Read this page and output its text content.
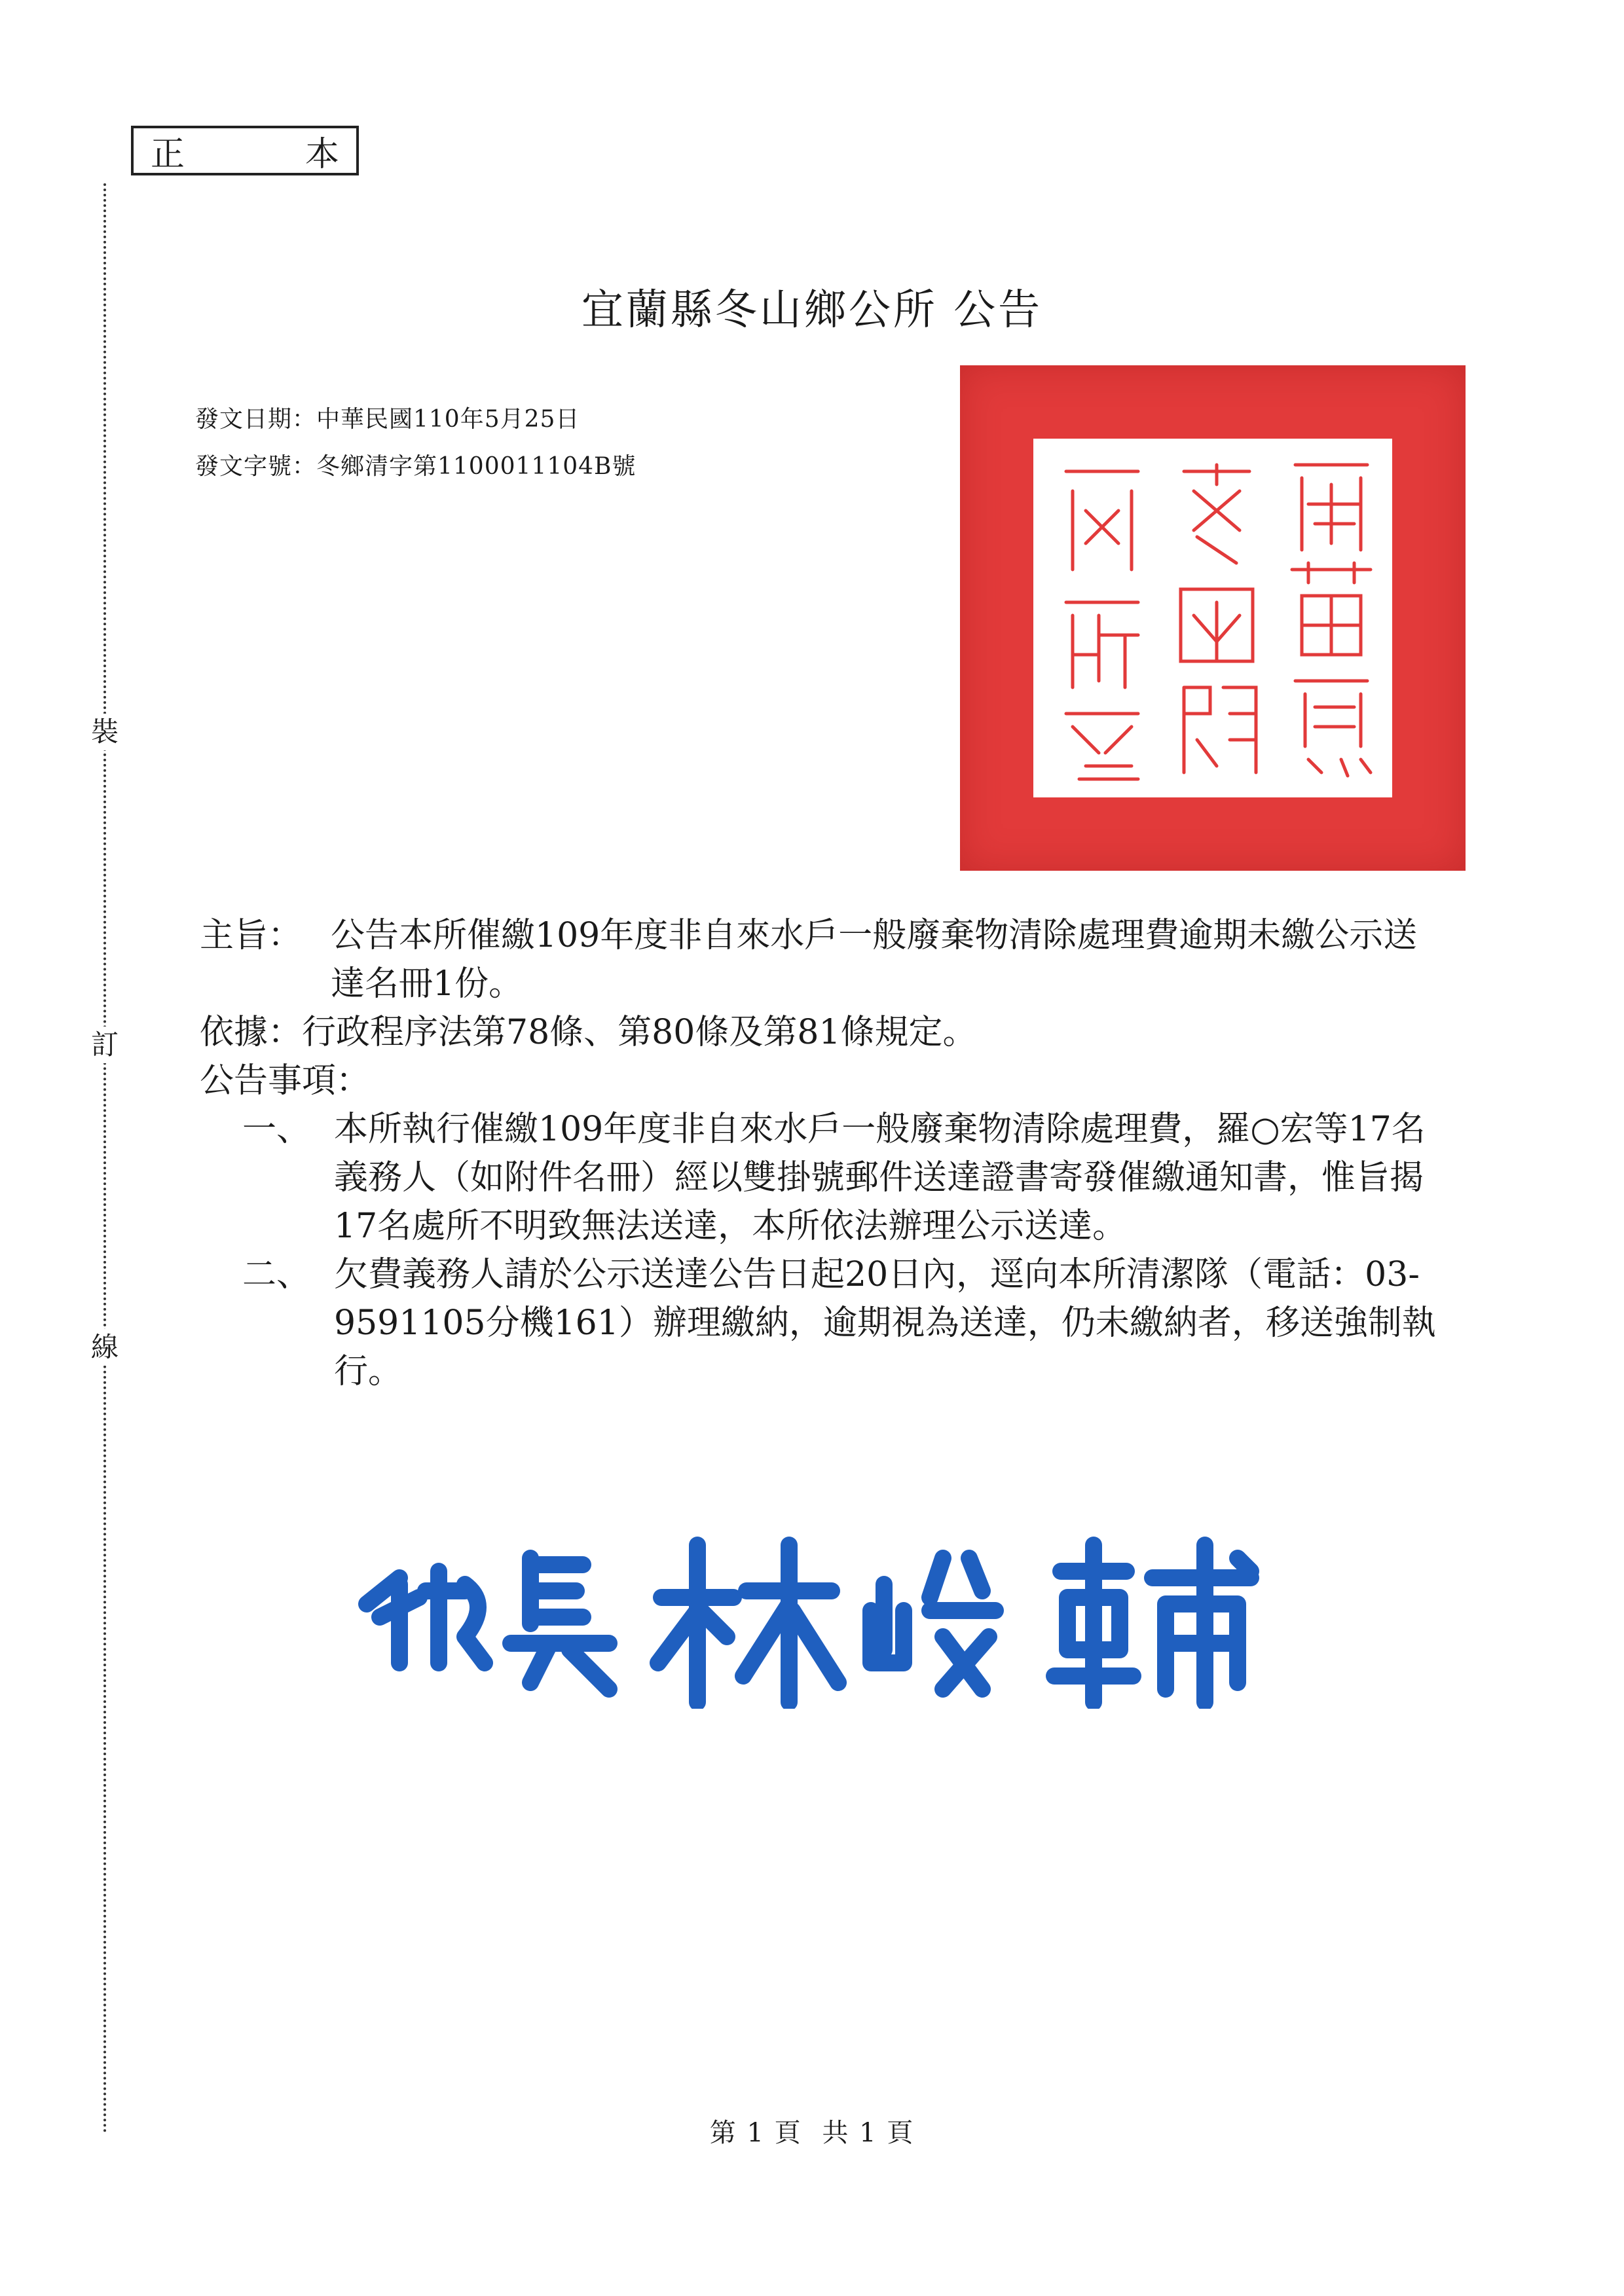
裝
訂
線
正	本
宜蘭縣冬山鄉公所 公告
發文日期：中華民國110年5月25日
發文字號：冬鄉清字第1100011104B號
主旨： 公告本所催繳109年度非自來水戶一般廢棄物清除處理費逾期未繳公示送達名冊1份。
依據：行政程序法第78條、第80條及第81條規定。
公告事項：
一、 本所執行催繳109年度非自來水戶一般廢棄物清除處理費，羅○宏等17名義務人（如附件名冊）經以雙掛號郵件送達證書寄發催繳通知書，惟旨揭17名處所不明致無法送達，本所依法辦理公示送達。
二、 欠費義務人請於公示送達公告日起20日內，逕向本所清潔隊（電話：03-9591105分機161）辦理繳納，逾期視為送達，仍未繳納者，移送強制執行。
第 1 頁 共 1 頁
